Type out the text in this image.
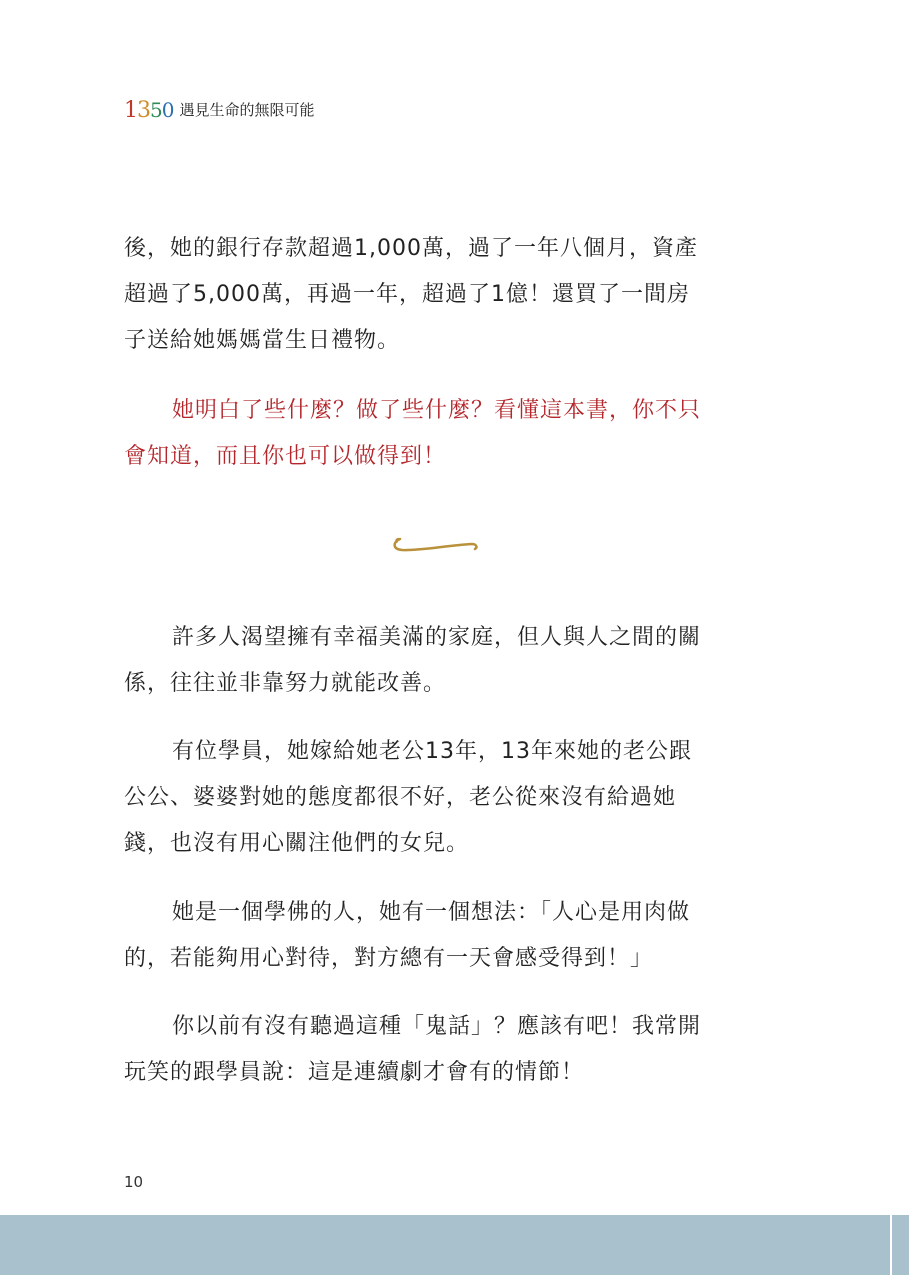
1350 遇見生命的無限可能
後，她的銀行存款超過1,000萬，過了一年八個月，資產
超過了5,000萬，再過一年，超過了1億！還買了一間房
子送給她媽媽當生日禮物。
她明白了些什麼？做了些什麼？看懂這本書，你不只
會知道，而且你也可以做得到！
許多人渴望擁有幸福美滿的家庭，但人與人之間的關
係，往往並非靠努力就能改善。
有位學員，她嫁給她老公13年，13年來她的老公跟
公公、婆婆對她的態度都很不好，老公從來沒有給過她
錢，也沒有用心關注他們的女兒。
她是一個學佛的人，她有一個想法：「人心是用肉做
的，若能夠用心對待，對方總有一天會感受得到！」
你以前有沒有聽過這種「鬼話」？應該有吧！我常開
玩笑的跟學員說：這是連續劇才會有的情節！
10
